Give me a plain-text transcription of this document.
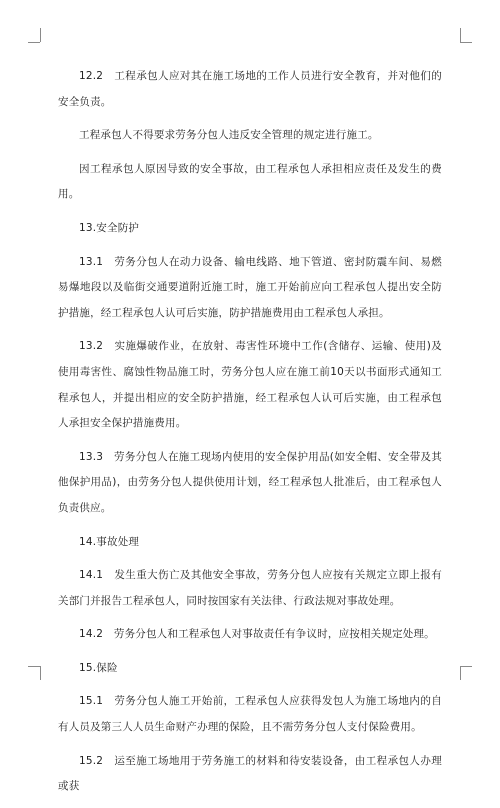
12.2　工程承包人应对其在施工场地的工作人员进行安全教育，并对他们的安全负责。

工程承包人不得要求劳务分包人违反安全管理的规定进行施工。

因工程承包人原因导致的安全事故，由工程承包人承担相应责任及发生的费用。

13.安全防护

13.1　劳务分包人在动力设备、输电线路、地下管道、密封防震车间、易燃易爆地段以及临街交通要道附近施工时，施工开始前应向工程承包人提出安全防护措施，经工程承包人认可后实施，防护措施费用由工程承包人承担。

13.2　实施爆破作业，在放射、毒害性环境中工作(含储存、运输、使用)及使用毒害性、腐蚀性物品施工时，劳务分包人应在施工前10天以书面形式通知工程承包人，并提出相应的安全防护措施，经工程承包人认可后实施，由工程承包人承担安全保护措施费用。

13.3　劳务分包人在施工现场内使用的安全保护用品(如安全帽、安全带及其他保护用品)，由劳务分包人提供使用计划，经工程承包人批准后，由工程承包人负责供应。

14.事故处理

14.1　发生重大伤亡及其他安全事故，劳务分包人应按有关规定立即上报有关部门并报告工程承包人，同时按国家有关法律、行政法规对事故处理。

14.2　劳务分包人和工程承包人对事故责任有争议时，应按相关规定处理。

15.保险

15.1　劳务分包人施工开始前，工程承包人应获得发包人为施工场地内的自有人员及第三人人员生命财产办理的保险，且不需劳务分包人支付保险费用。

15.2　运至施工场地用于劳务施工的材料和待安装设备，由工程承包人办理或获
